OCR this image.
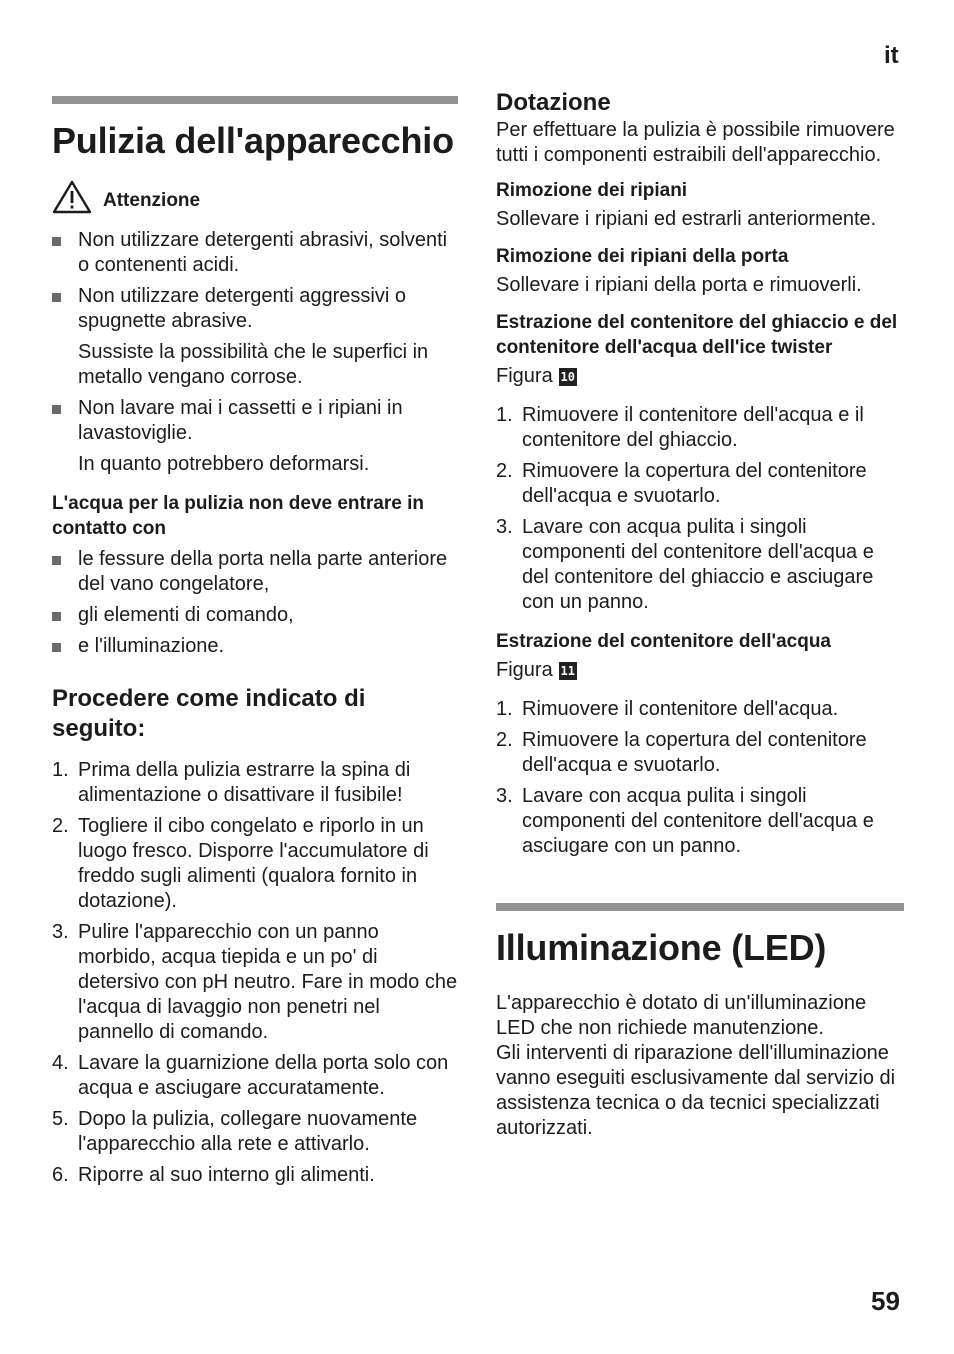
it
Pulizia dell'apparecchio
Attenzione
Non utilizzare detergenti abrasivi, solventi o contenenti acidi.
Non utilizzare detergenti aggressivi o spugnette abrasive.

Sussiste la possibilità che le superfici in metallo vengano corrose.

Non lavare mai i cassetti e i ripiani in lavastoviglie.

In quanto potrebbero deformarsi.

L'acqua per la pulizia non deve entrare in contatto con
le fessure della porta nella parte anteriore del vano congelatore,
gli elementi di comando,
e l'illuminazione.
Procedere come indicato di seguito:
1. Prima della pulizia estrarre la spina di alimentazione o disattivare il fusibile!
2. Togliere il cibo congelato e riporlo in un luogo fresco. Disporre l'accumulatore di freddo sugli alimenti (qualora fornito in dotazione).
3. Pulire l'apparecchio con un panno morbido, acqua tiepida e un po' di detersivo con pH neutro. Fare in modo che l'acqua di lavaggio non penetri nel pannello di comando.
4. Lavare la guarnizione della porta solo con acqua e asciugare accuratamente.
5. Dopo la pulizia, collegare nuovamente l'apparecchio alla rete e attivarlo.
6. Riporre al suo interno gli alimenti.
Dotazione

Per effettuare la pulizia è possibile rimuovere tutti i componenti estraibili dell'apparecchio.

Rimozione dei ripiani

Sollevare i ripiani ed estrarli anteriormente.

Rimozione dei ripiani della porta

Sollevare i ripiani della porta e rimuoverli.

Estrazione del contenitore del ghiaccio e del contenitore dell'acqua dell'ice twister

Figura 10

1. Rimuovere il contenitore dell'acqua e il contenitore del ghiaccio.
2. Rimuovere la copertura del contenitore dell'acqua e svuotarlo.
3. Lavare con acqua pulita i singoli componenti del contenitore dell'acqua e del contenitore del ghiaccio e asciugare con un panno.
Estrazione del contenitore dell'acqua

Figura 11

1. Rimuovere il contenitore dell'acqua.
2. Rimuovere la copertura del contenitore dell'acqua e svuotarlo.
3. Lavare con acqua pulita i singoli componenti del contenitore dell'acqua e asciugare con un panno.
Illuminazione (LED)

L'apparecchio è dotato di un'illuminazione LED che non richiede manutenzione.

Gli interventi di riparazione dell'illuminazione vanno eseguiti esclusivamente dal servizio di assistenza tecnica o da tecnici specializzati autorizzati.

59
